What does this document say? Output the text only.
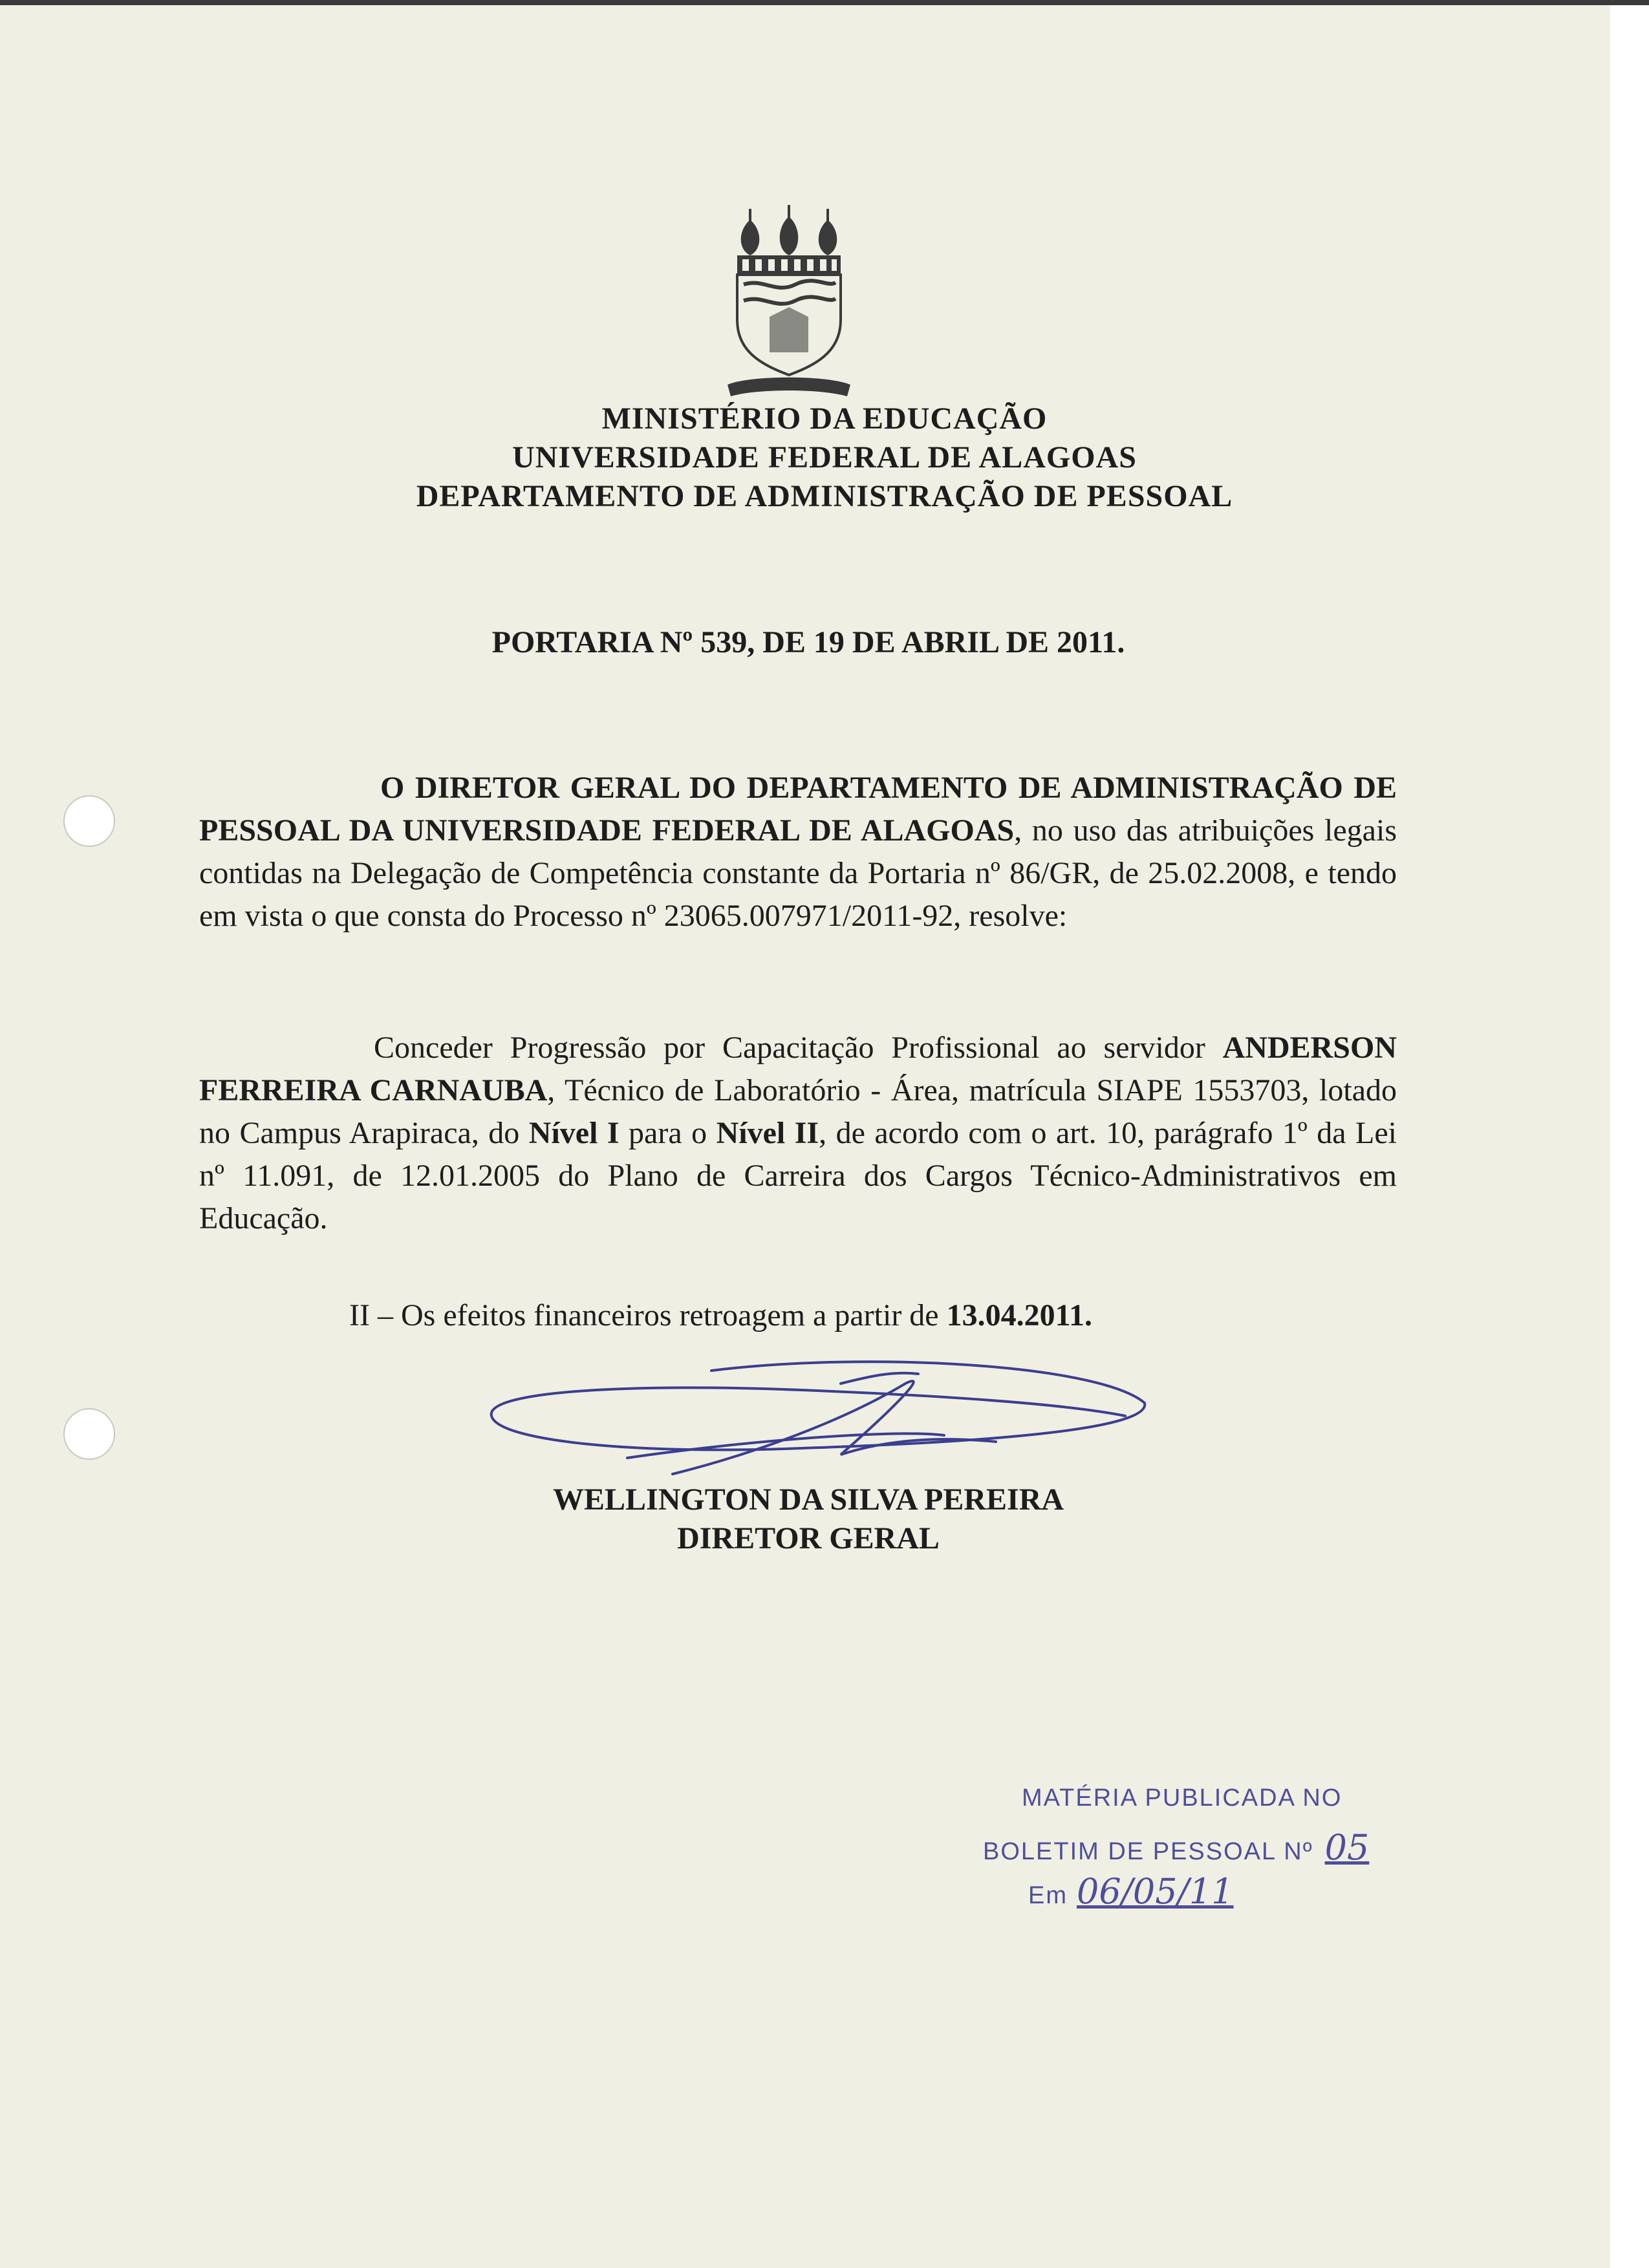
MINISTÉRIO DA EDUCAÇÃO
UNIVERSIDADE FEDERAL DE ALAGOAS
DEPARTAMENTO DE ADMINISTRAÇÃO DE PESSOAL
PORTARIA Nº 539, DE 19 DE ABRIL DE 2011.

O DIRETOR GERAL DO DEPARTAMENTO DE ADMINISTRAÇÃO DE PESSOAL DA UNIVERSIDADE FEDERAL DE ALAGOAS, no uso das atribuições legais contidas na Delegação de Competência constante da Portaria nº 86/GR, de 25.02.2008, e tendo em vista o que consta do Processo nº 23065.007971/2011-92, resolve:

Conceder Progressão por Capacitação Profissional ao servidor ANDERSON FERREIRA CARNAUBA, Técnico de Laboratório - Área, matrícula SIAPE 1553703, lotado no Campus Arapiraca, do Nível I para o Nível II, de acordo com o art. 10, parágrafo 1º da Lei nº 11.091, de 12.01.2005 do Plano de Carreira dos Cargos Técnico-Administrativos em Educação.

II – Os efeitos financeiros retroagem a partir de 13.04.2011.

WELLINGTON DA SILVA PEREIRA
DIRETOR GERAL
MATÉRIA PUBLICADA NO
BOLETIM DE PESSOAL Nº 05
Em 06/05/11
